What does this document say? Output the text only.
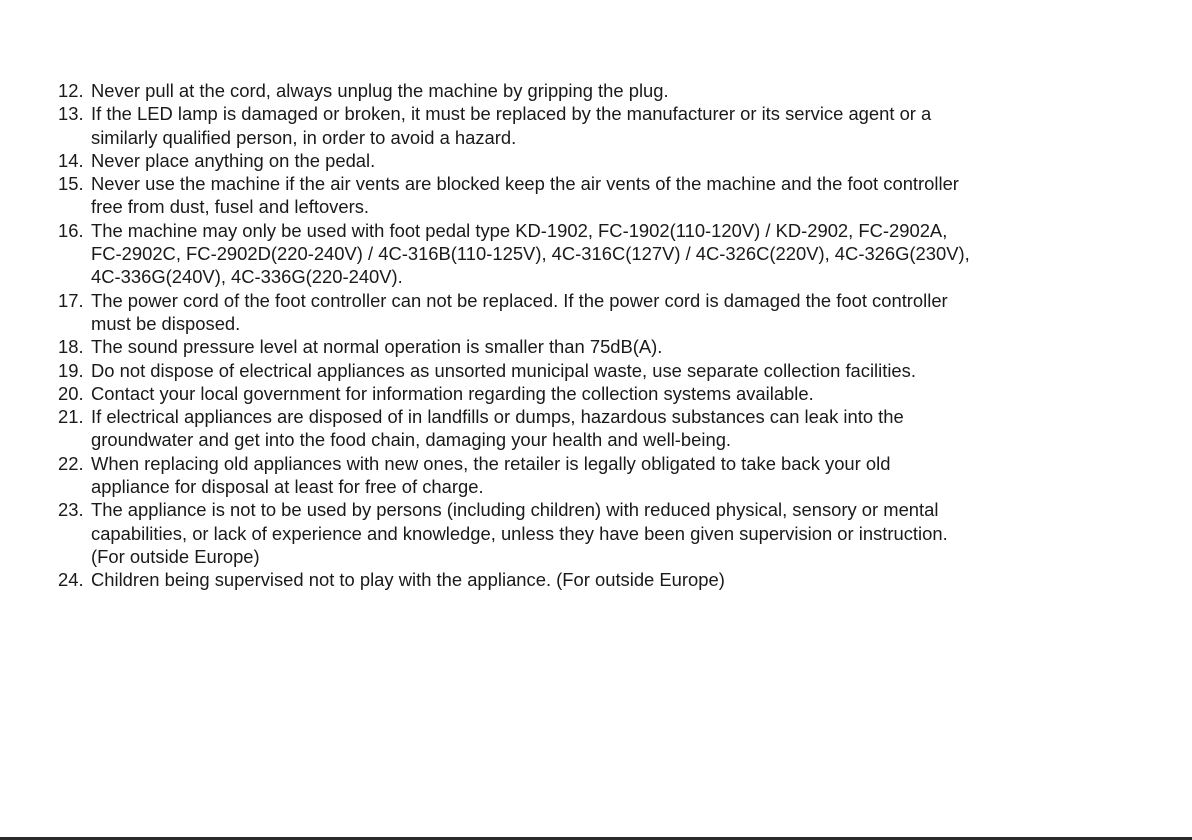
12. Never pull at the cord, always unplug the machine by gripping the plug.
13. If the LED lamp is damaged or broken, it must be replaced by the manufacturer or its service agent or a
similarly qualified person, in order to avoid a hazard.
14. Never place anything on the pedal.
15. Never use the machine if the air vents are blocked keep the air vents of the machine and the foot controller
free from dust, fusel and leftovers.
16. The machine may only be used with foot pedal type KD-1902, FC-1902(110-120V) / KD-2902, FC-2902A,
FC-2902C, FC-2902D(220-240V) / 4C-316B(110-125V), 4C-316C(127V) / 4C-326C(220V), 4C-326G(230V),
4C-336G(240V), 4C-336G(220-240V).
17. The power cord of the foot controller can not be replaced. If the power cord is damaged the foot controller
must be disposed.
18. The sound pressure level at normal operation is smaller than 75dB(A).
19. Do not dispose of electrical appliances as unsorted municipal waste, use separate collection facilities.
20. Contact your local government for information regarding the collection systems available.
21. If electrical appliances are disposed of in landfills or dumps, hazardous substances can leak into the
groundwater and get into the food chain, damaging your health and well-being.
22. When replacing old appliances with new ones, the retailer is legally obligated to take back your old
appliance for disposal at least for free of charge.
23. The appliance is not to be used by persons (including children) with reduced physical, sensory or mental
capabilities, or lack of experience and knowledge, unless they have been given supervision or instruction.
(For outside Europe)
24. Children being supervised not to play with the appliance. (For outside Europe)
